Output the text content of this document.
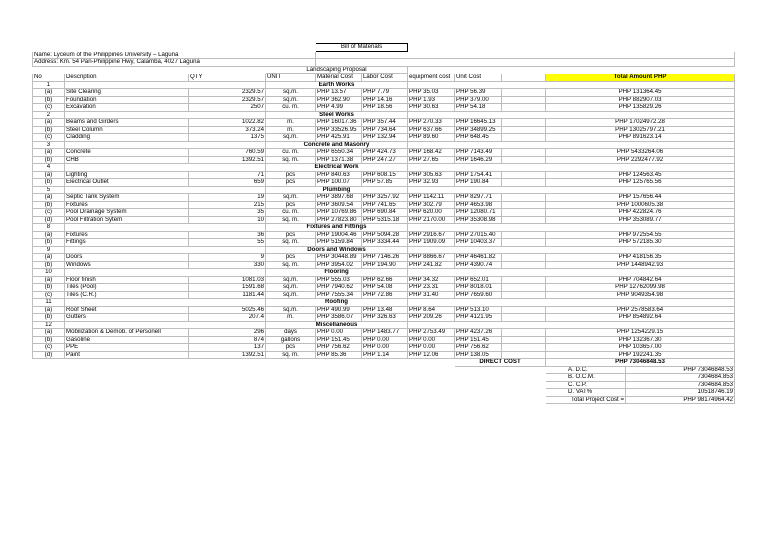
				Bill of Materials						
Name: Lyceum of the Philippines University – Laguna										
Address: Km. 54 Pan-Philippine Hwy, Calamba, 4027 Laguna										
			Landscaping Proposal							
No	Description	QTY	UNIT	Material Cost	Labor Cost	equipment cost	Unit Cost		Total Amount PHP	
1			Earth Works							
(a)	Site Clearing	2329.57	sq.m.	PHP 13.57	PHP 7.79	PHP 35.03	PHP 56.39		PHP 131364.45	
(b)	Foundation	2329.57	sq.m.	PHP 362.90	PHP 14.16	PHP 1.93	PHP 379.00		PHP 882907.03	
(c)	Excavation	2507	cu. m.	PHP 4.99	PHP 18.56	PHP 30.63	PHP 54.18		PHP 135829.26	
2			Steel Works							
(a)	Beams and Girders	1022.82	m.	PHP 16017.36	PHP 357.44	PHP 270.33	PHP 16645.13		PHP 17024972.28	
(b)	Steel Column	373.24	m.	PHP 33526.95	PHP 734.64	PHP 637.66	PHP 34899.25		PHP 13025797.21	
(c)	Cladding	1375	sq.m.	PHP 425.91	PHP 132.94	PHP 89.60	PHP 648.45		PHP 891623.14	
3			Concrete and Masonry							
(a)	Concrete	760.59	cu. m.	PHP 6550.34	PHP 424.73	PHP 168.42	PHP 7143.49		PHP 5433264.06	
(b)	CHB	1392.51	sq. m.	PHP 1371.38	PHP 247.27	PHP 27.65	PHP 1646.29		PHP 2292477.92	
4			Electrical Work							
(a)	Lighting	71	pcs	PHP 840.63	PHP 608.15	PHP 305.63	PHP 1754.41		PHP 124563.45	
(b)	Electrical Outlet	659	pcs	PHP 100.07	PHP 57.85	PHP 32.93	PHP 190.84		PHP 125765.56	
5			Plumbing							
(a)	Septic Tank System	19	sq.m.	PHP 3897.68	PHP 3257.92	PHP 1142.11	PHP 8297.71		PHP 157656.44	
(b)	Fixtures	215	pcs	PHP 3609.54	PHP 741.65	PHP 302.79	PHP 4653.98		PHP 1000605.38	
(c)	Pool Drainage System	35	cu. m.	PHP 10769.86	PHP 690.84	PHP 620.00	PHP 12080.71		PHP 422824.76	
(d)	Pool Filtration Sytem	10	sq. m.	PHP 27823.80	PHP 5315.18	PHP 2170.00	PHP 35308.98		PHP 353089.77	
8			Fixtures and Fittings							
(a)	Fixtures	36	pcs	PHP 19004.46	PHP 5094.28	PHP 2916.67	PHP 27015.40		PHP 972554.55	
(b)	Fittings	55	sq. m.	PHP 5159.84	PHP 3334.44	PHP 1909.09	PHP 10403.37		PHP 572185.30	
9			Doors and Windows							
(a)	Doors	9	pcs	PHP 30448.89	PHP 7146.26	PHP 8866.67	PHP 46461.82		PHP 418156.35	
(b)	Windows	330	sq. m.	PHP 3954.02	PHP 194.90	PHP 241.82	PHP 4390.74		PHP 1448942.93	
10			Flooring							
(a)	Floor finish	1081.03	sq.m.	PHP 555.03	PHP 62.66	PHP 34.32	PHP 652.01		PHP 704842.64	
(b)	Tiles (Pool)	1591.68	sq.m.	PHP 7940.62	PHP 54.08	PHP 23.31	PHP 8018.01		PHP 12762099.98	
(c)	Tiles (C.R.)	1181.44	sq.m.	PHP 7555.34	PHP 72.86	PHP 31.40	PHP 7659.60		PHP 9049354.98	
11			Roofing							
(a)	Roof Sheet	5025.46	sq.m.	PHP 490.99	PHP 13.48	PHP 8.64	PHP 513.10		PHP 2578583.64	
(b)	Gutters	207.4	m.	PHP 3586.07	PHP 326.63	PHP 209.26	PHP 4121.95		PHP 854892.64	
12			Miscellaneous							
(a)	Mobilization & Demob. of Personell	296	days	PHP 0.00	PHP 1483.77	PHP 2753.49	PHP 4237.26		PHP 1254229.15	
(b)	Gasoline	874	gallons	PHP 151.45	PHP 0.00	PHP 0.00	PHP 151.45		PHP 132367.30	
(c)	PPE	137	pcs	PHP 756.62	PHP 0.00	PHP 0.00	PHP 756.62		PHP 103657.00	
(d)	Paint	1392.51	sq. m.	PHP 85.36	PHP 1.14	PHP 12.06	PHP 138.05		PHP 192241.35	
							DIRECT COST		PHP 73046848.53	
									A. D.C.	PHP 73046848.53
									B. O.C.M.	7304684.853
									C. C.P.	7304684.853
									D. VAT%	10518746.19
									Total Project Cost =	PHP 98174964.42
